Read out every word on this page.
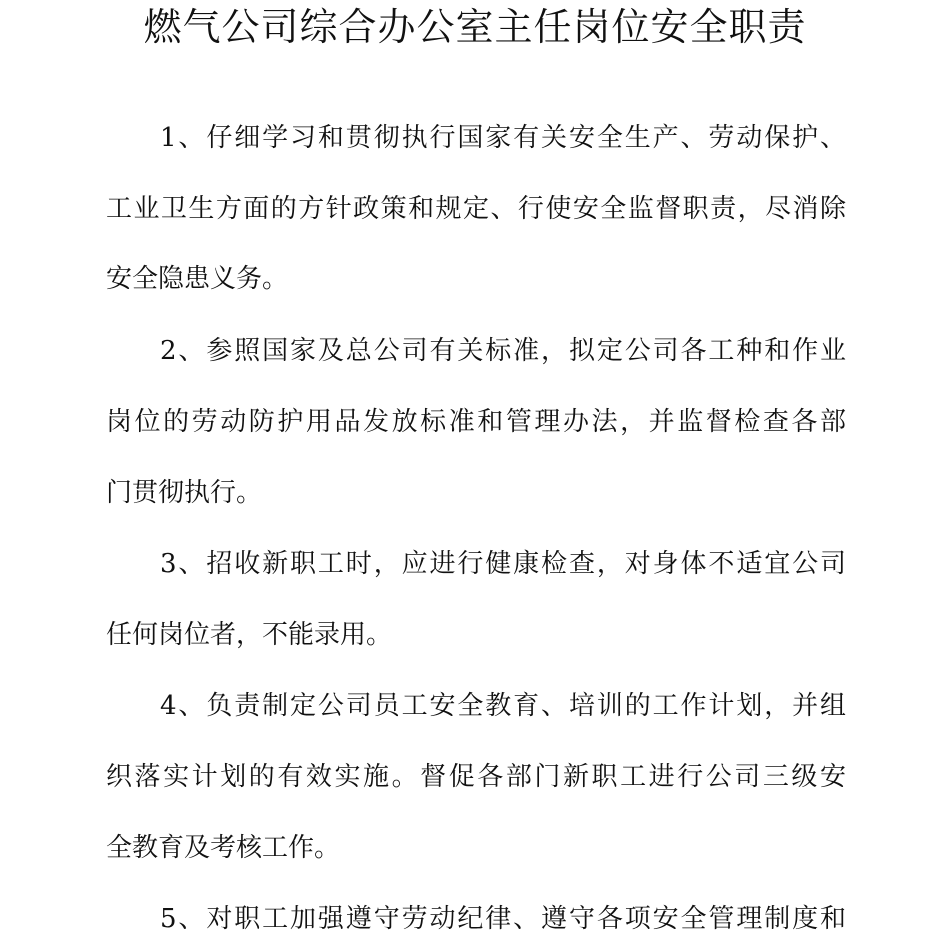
燃气公司综合办公室主任岗位安全职责
1、仔细学习和贯彻执行国家有关安全生产、劳动保护、
工业卫生方面的方针政策和规定、行使安全监督职责，尽消除
安全隐患义务。
2、参照国家及总公司有关标准，拟定公司各工种和作业
岗位的劳动防护用品发放标准和管理办法，并监督检查各部
门贯彻执行。
3、招收新职工时，应进行健康检查，对身体不适宜公司
任何岗位者，不能录用。
4、负责制定公司员工安全教育、培训的工作计划，并组
织落实计划的有效实施。督促各部门新职工进行公司三级安
全教育及考核工作。
5、对职工加强遵守劳动纪律、遵守各项安全管理制度和
